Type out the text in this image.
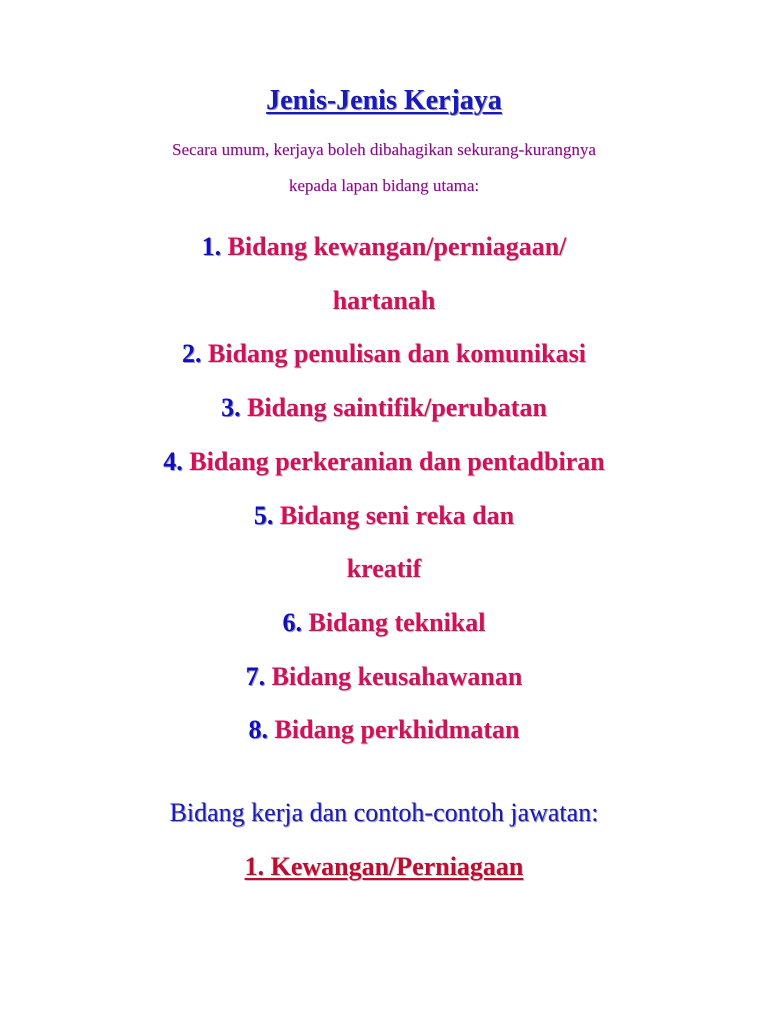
Jenis-Jenis Kerjaya
Secara umum, kerjaya boleh dibahagikan sekurang-kurangnya
kepada lapan bidang utama:
1. Bidang kewangan/perniagaan/
hartanah
2. Bidang penulisan dan komunikasi
3. Bidang saintifik/perubatan
4. Bidang perkeranian dan pentadbiran
5. Bidang seni reka dan
kreatif
6. Bidang teknikal
7. Bidang keusahawanan
8. Bidang perkhidmatan
Bidang kerja dan contoh-contoh jawatan:
1. Kewangan/Perniagaan
